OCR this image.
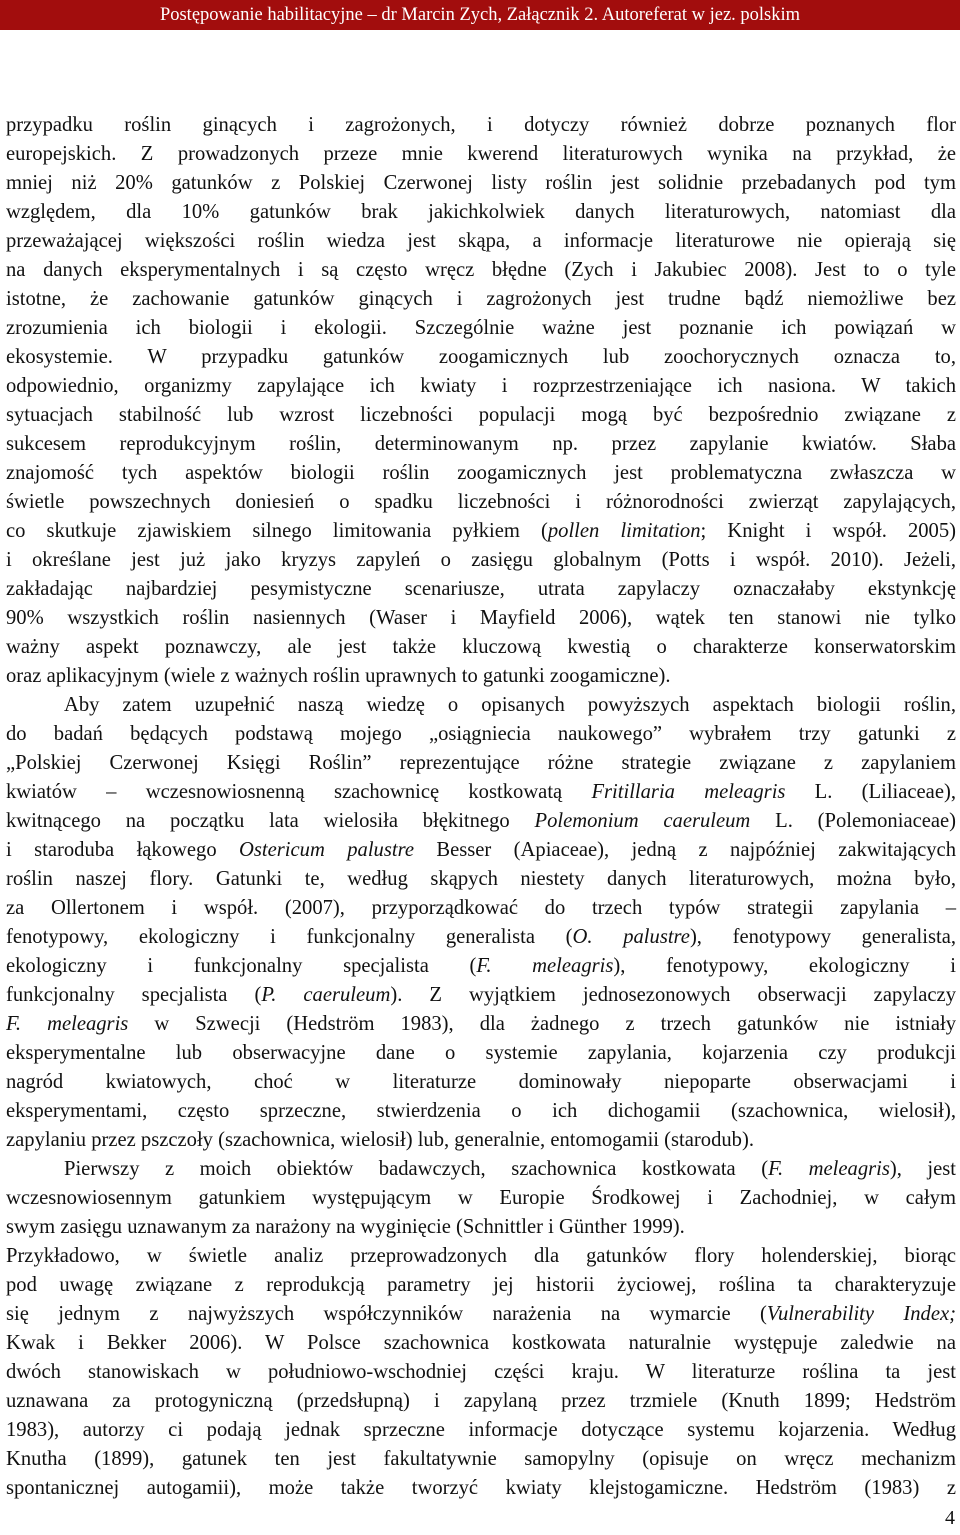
Postępowanie habilitacyjne – dr Marcin Zych, Załącznik 2. Autoreferat w jez. polskim
przypadku roślin ginących i zagrożonych, i dotyczy również dobrze poznanych flor
europejskich. Z prowadzonych przeze mnie kwerend literaturowych wynika na przykład, że
mniej niż 20% gatunków z Polskiej Czerwonej listy roślin jest solidnie przebadanych pod tym
względem, dla 10% gatunków brak jakichkolwiek danych literaturowych, natomiast dla
przeważającej większości roślin wiedza jest skąpa, a informacje literaturowe nie opierają się
na danych eksperymentalnych i są często wręcz błędne (Zych i Jakubiec 2008). Jest to o tyle
istotne, że zachowanie gatunków ginących i zagrożonych jest trudne bądź niemożliwe bez
zrozumienia ich biologii i ekologii. Szczególnie ważne jest poznanie ich powiązań w
ekosystemie. W przypadku gatunków zoogamicznych lub zoochorycznych oznacza to,
odpowiednio, organizmy zapylające ich kwiaty i rozprzestrzeniające ich nasiona. W takich
sytuacjach stabilność lub wzrost liczebności populacji mogą być bezpośrednio związane z
sukcesem reprodukcyjnym roślin, determinowanym np. przez zapylanie kwiatów. Słaba
znajomość tych aspektów biologii roślin zoogamicznych jest problematyczna zwłaszcza w
świetle powszechnych doniesień o spadku liczebności i różnorodności zwierząt zapylających,
co skutkuje zjawiskiem silnego limitowania pyłkiem (pollen limitation; Knight i współ. 2005)
i określane jest już jako kryzys zapyleń o zasięgu globalnym (Potts i współ. 2010). Jeżeli,
zakładając najbardziej pesymistyczne scenariusze, utrata zapylaczy oznaczałaby ekstynkcję
90% wszystkich roślin nasiennych (Waser i Mayfield 2006), wątek ten stanowi nie tylko
ważny aspekt poznawczy, ale jest także kluczową kwestią o charakterze konserwatorskim
oraz aplikacyjnym (wiele z ważnych roślin uprawnych to gatunki zoogamiczne).
Aby zatem uzupełnić naszą wiedzę o opisanych powyższych aspektach biologii roślin,
do badań będących podstawą mojego „osiągniecia naukowego” wybrałem trzy gatunki z
„Polskiej Czerwonej Księgi Roślin” reprezentujące różne strategie związane z zapylaniem
kwiatów – wczesnowiosnenną szachownicę kostkowatą Fritillaria meleagris L. (Liliaceae),
kwitnącego na początku lata wielosiła błękitnego Polemonium caeruleum L. (Polemoniaceae)
i staroduba łąkowego Ostericum palustre Besser (Apiaceae), jedną z najpóźniej zakwitających
roślin naszej flory. Gatunki te, według skąpych niestety danych literaturowych, można było,
za Ollertonem i współ. (2007), przyporządkować do trzech typów strategii zapylania –
fenotypowy, ekologiczny i funkcjonalny generalista (O. palustre), fenotypowy generalista,
ekologiczny i funkcjonalny specjalista (F. meleagris), fenotypowy, ekologiczny i
funkcjonalny specjalista (P. caeruleum). Z wyjątkiem jednosezonowych obserwacji zapylaczy
F. meleagris w Szwecji (Hedström 1983), dla żadnego z trzech gatunków nie istniały
eksperymentalne lub obserwacyjne dane o systemie zapylania, kojarzenia czy produkcji
nagród kwiatowych, choć w literaturze dominowały niepoparte obserwacjami i
eksperymentami, często sprzeczne, stwierdzenia o ich dichogamii (szachownica, wielosił),
zapylaniu przez pszczoły (szachownica, wielosił) lub, generalnie, entomogamii (starodub).
Pierwszy z moich obiektów badawczych, szachownica kostkowata (F. meleagris), jest
wczesnowiosennym gatunkiem występującym w Europie Środkowej i Zachodniej, w całym
swym zasięgu uznawanym za narażony na wyginięcie (Schnittler i Günther 1999).
Przykładowo, w świetle analiz przeprowadzonych dla gatunków flory holenderskiej, biorąc
pod uwagę związane z reprodukcją parametry jej historii życiowej, roślina ta charakteryzuje
się jednym z najwyższych współczynników narażenia na wymarcie (Vulnerability Index;
Kwak i Bekker 2006). W Polsce szachownica kostkowata naturalnie występuje zaledwie na
dwóch stanowiskach w południowo-wschodniej części kraju. W literaturze roślina ta jest
uznawana za protogyniczną (przedsłupną) i zapylaną przez trzmiele (Knuth 1899; Hedström
1983), autorzy ci podają jednak sprzeczne informacje dotyczące systemu kojarzenia. Według
Knutha (1899), gatunek ten jest fakultatywnie samopylny (opisuje on wręcz mechanizm
spontanicznej autogamii), może także tworzyć kwiaty klejstogamiczne. Hedström (1983) z
4
